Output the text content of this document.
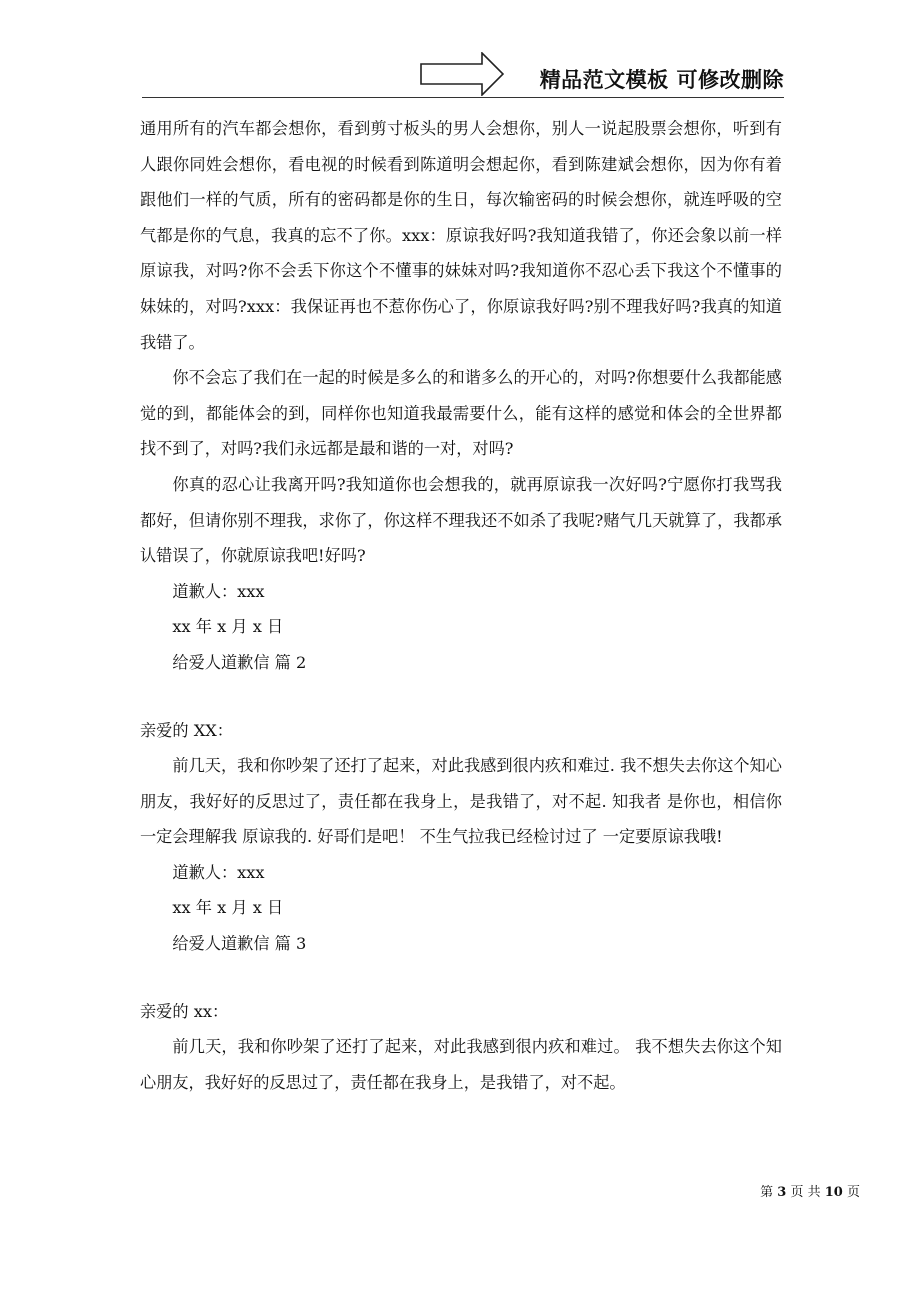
精品范文模板 可修改删除

通用所有的汽车都会想你，看到剪寸板头的男人会想你，别人一说起股票会想你，听到有人跟你同姓会想你，看电视的时候看到陈道明会想起你，看到陈建斌会想你，因为你有着跟他们一样的气质，所有的密码都是你的生日，每次输密码的时候会想你，就连呼吸的空气都是你的气息，我真的忘不了你。xxx：原谅我好吗?我知道我错了，你还会象以前一样原谅我，对吗?你不会丢下你这个不懂事的妹妹对吗?我知道你不忍心丢下我这个不懂事的妹妹的，对吗?xxx：我保证再也不惹你伤心了，你原谅我好吗?别不理我好吗?我真的知道我错了。

你不会忘了我们在一起的时候是多么的和谐多么的开心的，对吗?你想要什么我都能感觉的到，都能体会的到，同样你也知道我最需要什么，能有这样的感觉和体会的全世界都找不到了，对吗?我们永远都是最和谐的一对，对吗?

你真的忍心让我离开吗?我知道你也会想我的，就再原谅我一次好吗?宁愿你打我骂我都好，但请你别不理我，求你了，你这样不理我还不如杀了我呢?赌气几天就算了，我都承认错误了，你就原谅我吧!好吗?

道歉人：xxx

xx 年 x 月 x 日

给爱人道歉信 篇 2

亲爱的 XX：

前几天，我和你吵架了还打了起来，对此我感到很内疚和难过. 我不想失去你这个知心朋友，我好好的反思过了，责任都在我身上，是我错了，对不起. 知我者 是你也，相信你一定会理解我 原谅我的. 好哥们是吧！ 不生气拉我已经检讨过了 一定要原谅我哦!

道歉人：xxx

xx 年 x 月 x 日

给爱人道歉信 篇 3

亲爱的 xx：

前几天，我和你吵架了还打了起来，对此我感到很内疚和难过。 我不想失去你这个知心朋友，我好好的反思过了，责任都在我身上，是我错了，对不起。

第 3 页 共 10 页
